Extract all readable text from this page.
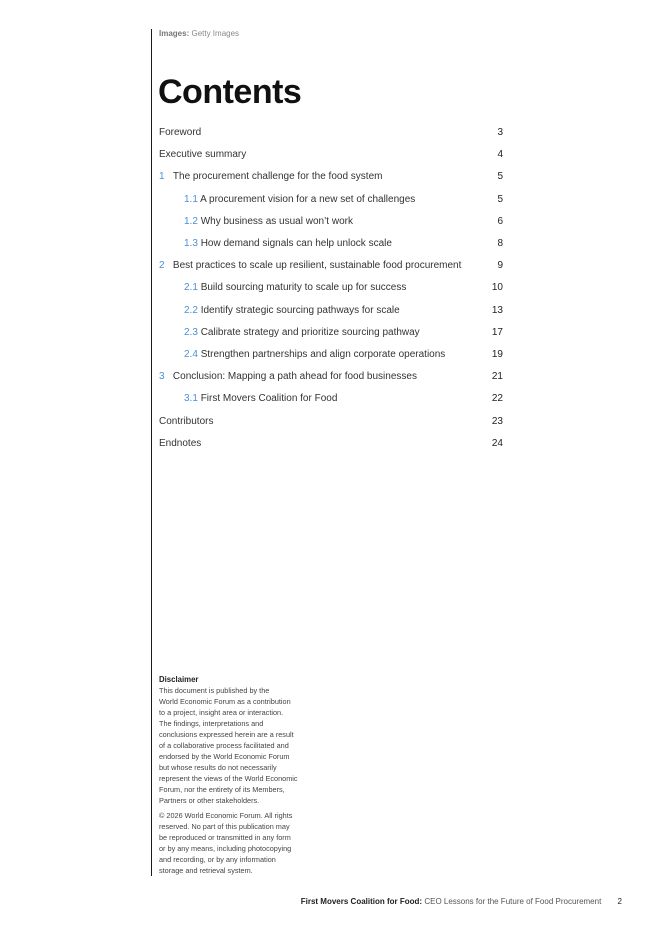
Images: Getty Images
Contents
Foreword	3
Executive summary	4
1 The procurement challenge for the food system	5
1.1 A procurement vision for a new set of challenges	5
1.2 Why business as usual won’t work	6
1.3 How demand signals can help unlock scale	8
2 Best practices to scale up resilient, sustainable food procurement	9
2.1 Build sourcing maturity to scale up for success	10
2.2 Identify strategic sourcing pathways for scale	13
2.3 Calibrate strategy and prioritize sourcing pathway	17
2.4 Strengthen partnerships and align corporate operations	19
3 Conclusion: Mapping a path ahead for food businesses	21
3.1 First Movers Coalition for Food	22
Contributors	23
Endnotes	24
Disclaimer

This document is published by the
World Economic Forum as a contribution
to a project, insight area or interaction.
The findings, interpretations and
conclusions expressed herein are a result
of a collaborative process facilitated and
endorsed by the World Economic Forum
but whose results do not necessarily
represent the views of the World Economic
Forum, nor the entirety of its Members,
Partners or other stakeholders.

© 2026 World Economic Forum. All rights
reserved. No part of this publication may
be reproduced or transmitted in any form
or by any means, including photocopying
and recording, or by any information
storage and retrieval system.

First Movers Coalition for Food: CEO Lessons for the Future of Food Procurement 2
